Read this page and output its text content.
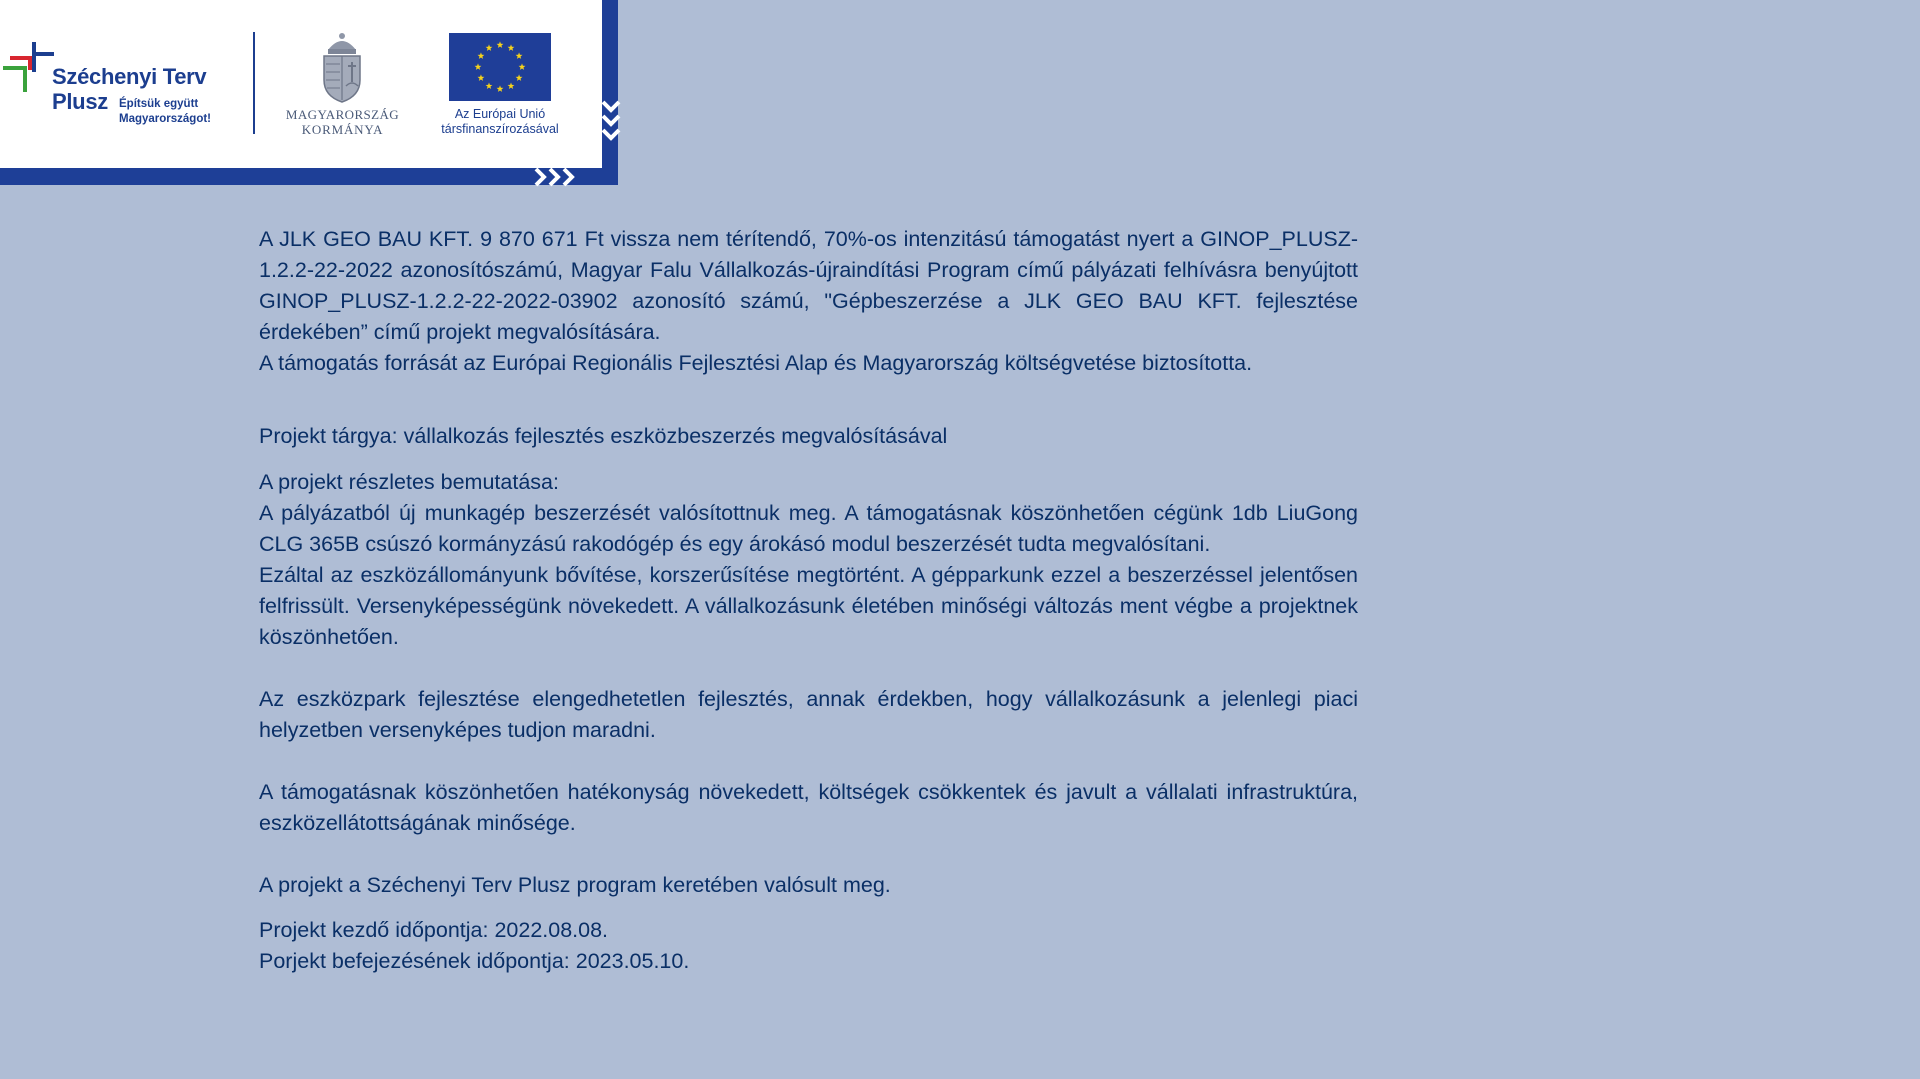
Széchenyi Terv
Plusz Építsük együtt Magyarországot!	MAGYARORSZÁG
KORMÁNYA
Az Európai Unió
társfinanszírozásával

A JLK GEO BAU KFT. 9 870 671 Ft vissza nem térítendő, 70%-os intenzitású támogatást nyert a GINOP_PLUSZ-1.2.2-22-2022 azonosítószámú, Magyar Falu Vállalkozás-újraindítási Program című pályázati felhívásra benyújtott GINOP_PLUSZ-1.2.2-22-2022-03902 azonosító számú, "Gépbeszerzése a JLK GEO BAU KFT. fejlesztése érdekében” című projekt megvalósítására.

A támogatás forrását az Európai Regionális Fejlesztési Alap és Magyarország költségvetése biztosította.

Projekt tárgya: vállalkozás fejlesztés eszközbeszerzés megvalósításával

A projekt részletes bemutatása:

A pályázatból új munkagép beszerzését valósítottnuk meg. A támogatásnak köszönhetően cégünk 1db LiuGong CLG 365B csúszó kormányzású rakodógép és egy árokásó modul beszerzését tudta megvalósítani.

Ezáltal az eszközállományunk bővítése, korszerűsítése megtörtént. A gépparkunk ezzel a beszerzéssel jelentősen felfrissült. Versenyképességünk növekedett. A vállalkozásunk életében minőségi változás ment végbe a projektnek köszönhetően.

Az eszközpark fejlesztése elengedhetetlen fejlesztés, annak érdekben, hogy vállalkozásunk a jelenlegi piaci helyzetben versenyképes tudjon maradni.

A támogatásnak köszönhetően hatékonyság növekedett, költségek csökkentek és javult a vállalati infrastruktúra, eszközellátottságának minősége.

A projekt a Széchenyi Terv Plusz program keretében valósult meg.

Projekt kezdő időpontja: 2022.08.08.

Porjekt befejezésének időpontja: 2023.05.10.
